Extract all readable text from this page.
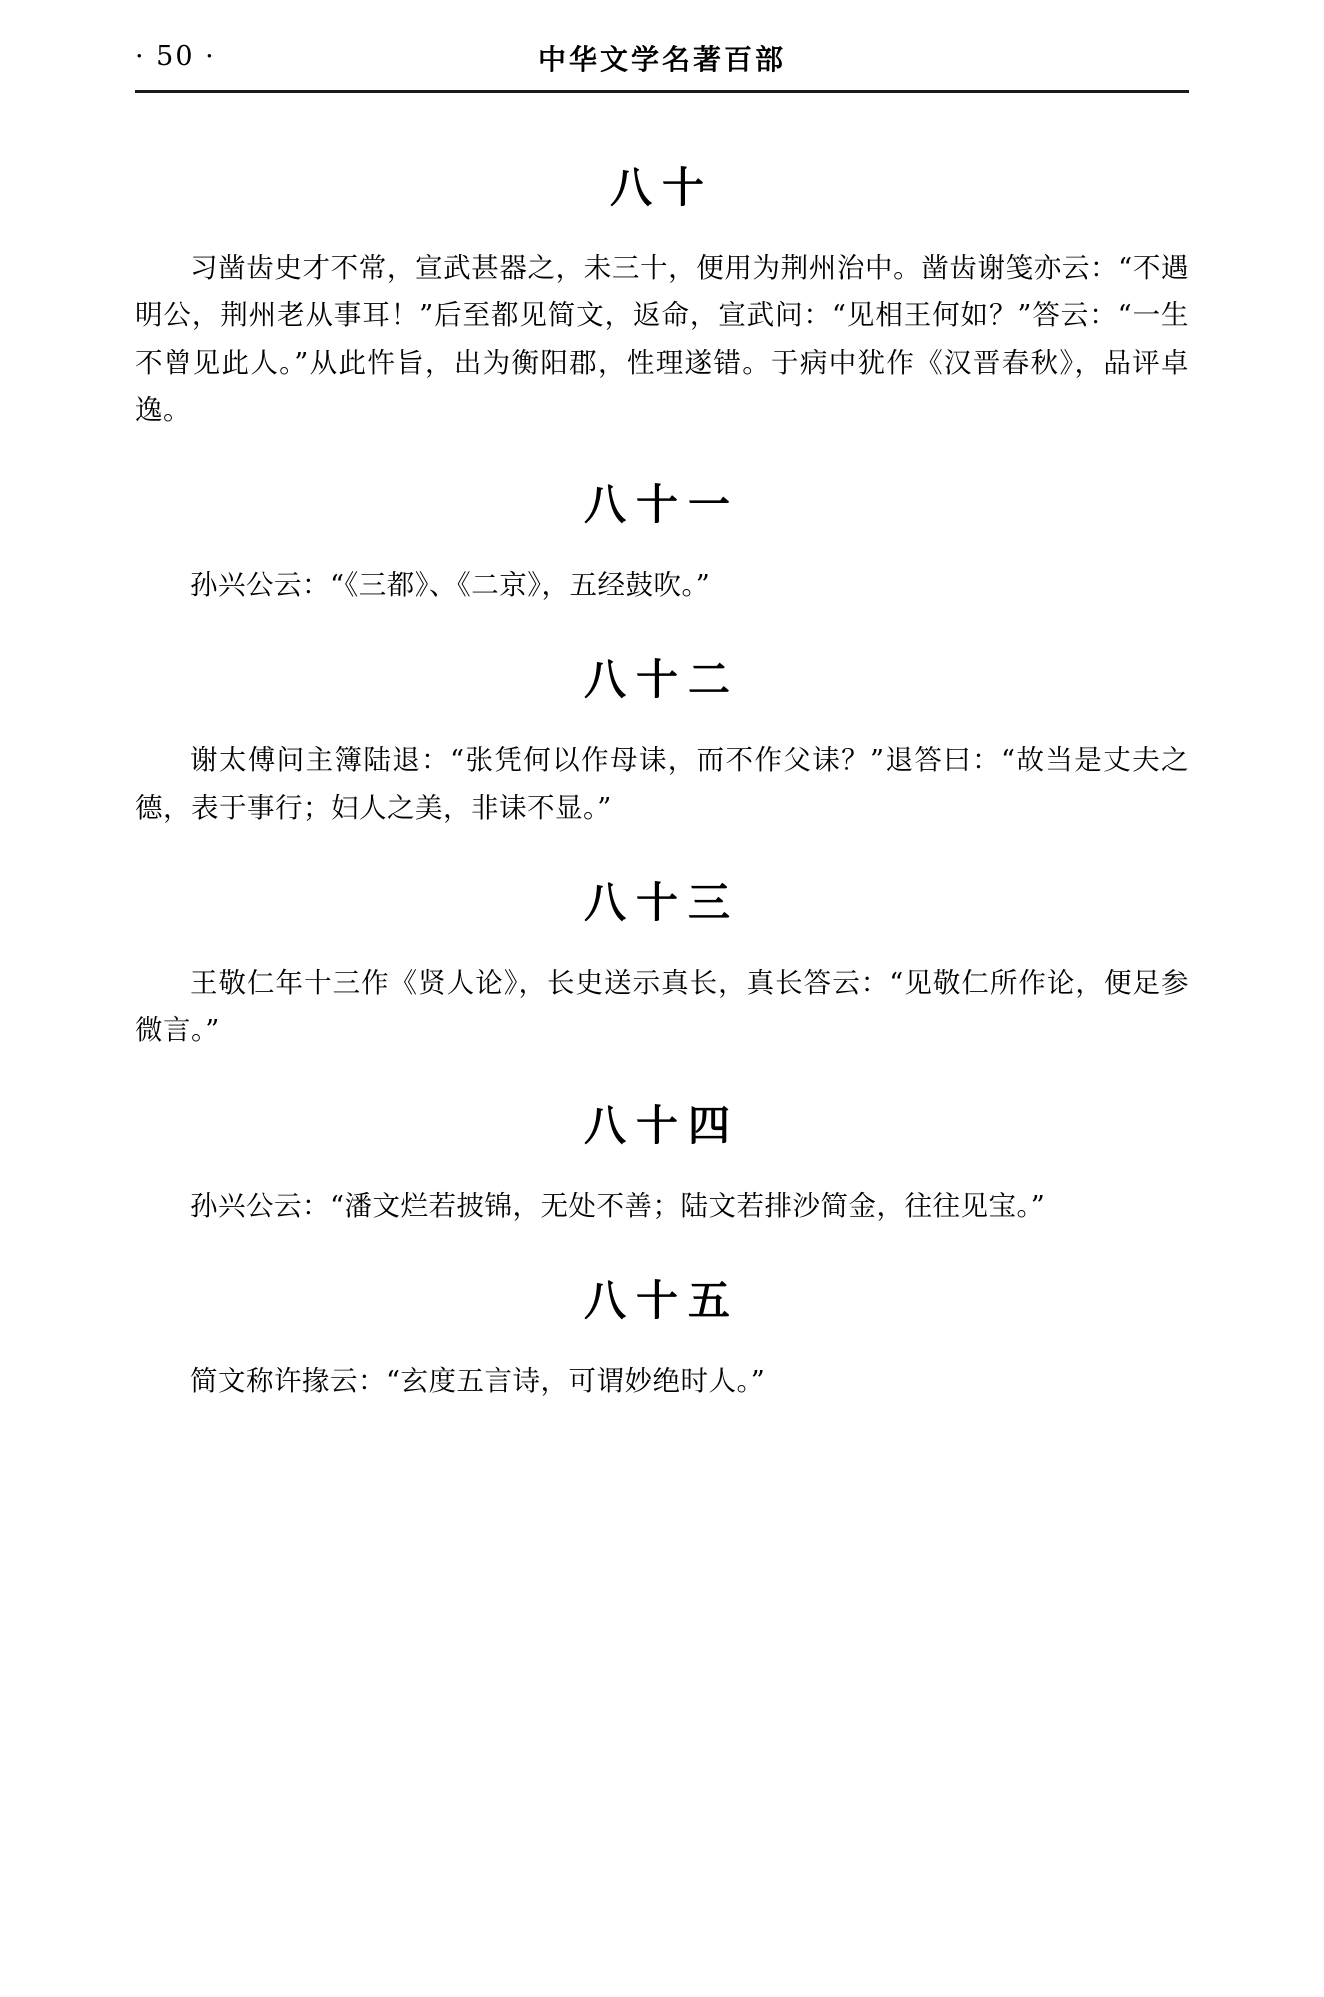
· 50 ·	中华文学名著百部
八十

习凿齿史才不常，宣武甚器之，未三十，便用为荆州治中。凿齿谢笺亦云：“不遇明公，荆州老从事耳！”后至都见简文，返命，宣武问：“见相王何如？”答云：“一生不曾见此人。”从此忤旨，出为衡阳郡，性理遂错。于病中犹作《汉晋春秋》，品评卓逸。

八十一

孙兴公云：“《三都》、《二京》，五经鼓吹。”

八十二

谢太傅问主簿陆退：“张凭何以作母诔，而不作父诔？”退答曰：“故当是丈夫之德，表于事行；妇人之美，非诔不显。”

八十三

王敬仁年十三作《贤人论》，长史送示真长，真长答云：“见敬仁所作论，便足参微言。”

八十四

孙兴公云：“潘文烂若披锦，无处不善；陆文若排沙简金，往往见宝。”

八十五

简文称许掾云：“玄度五言诗，可谓妙绝时人。”
